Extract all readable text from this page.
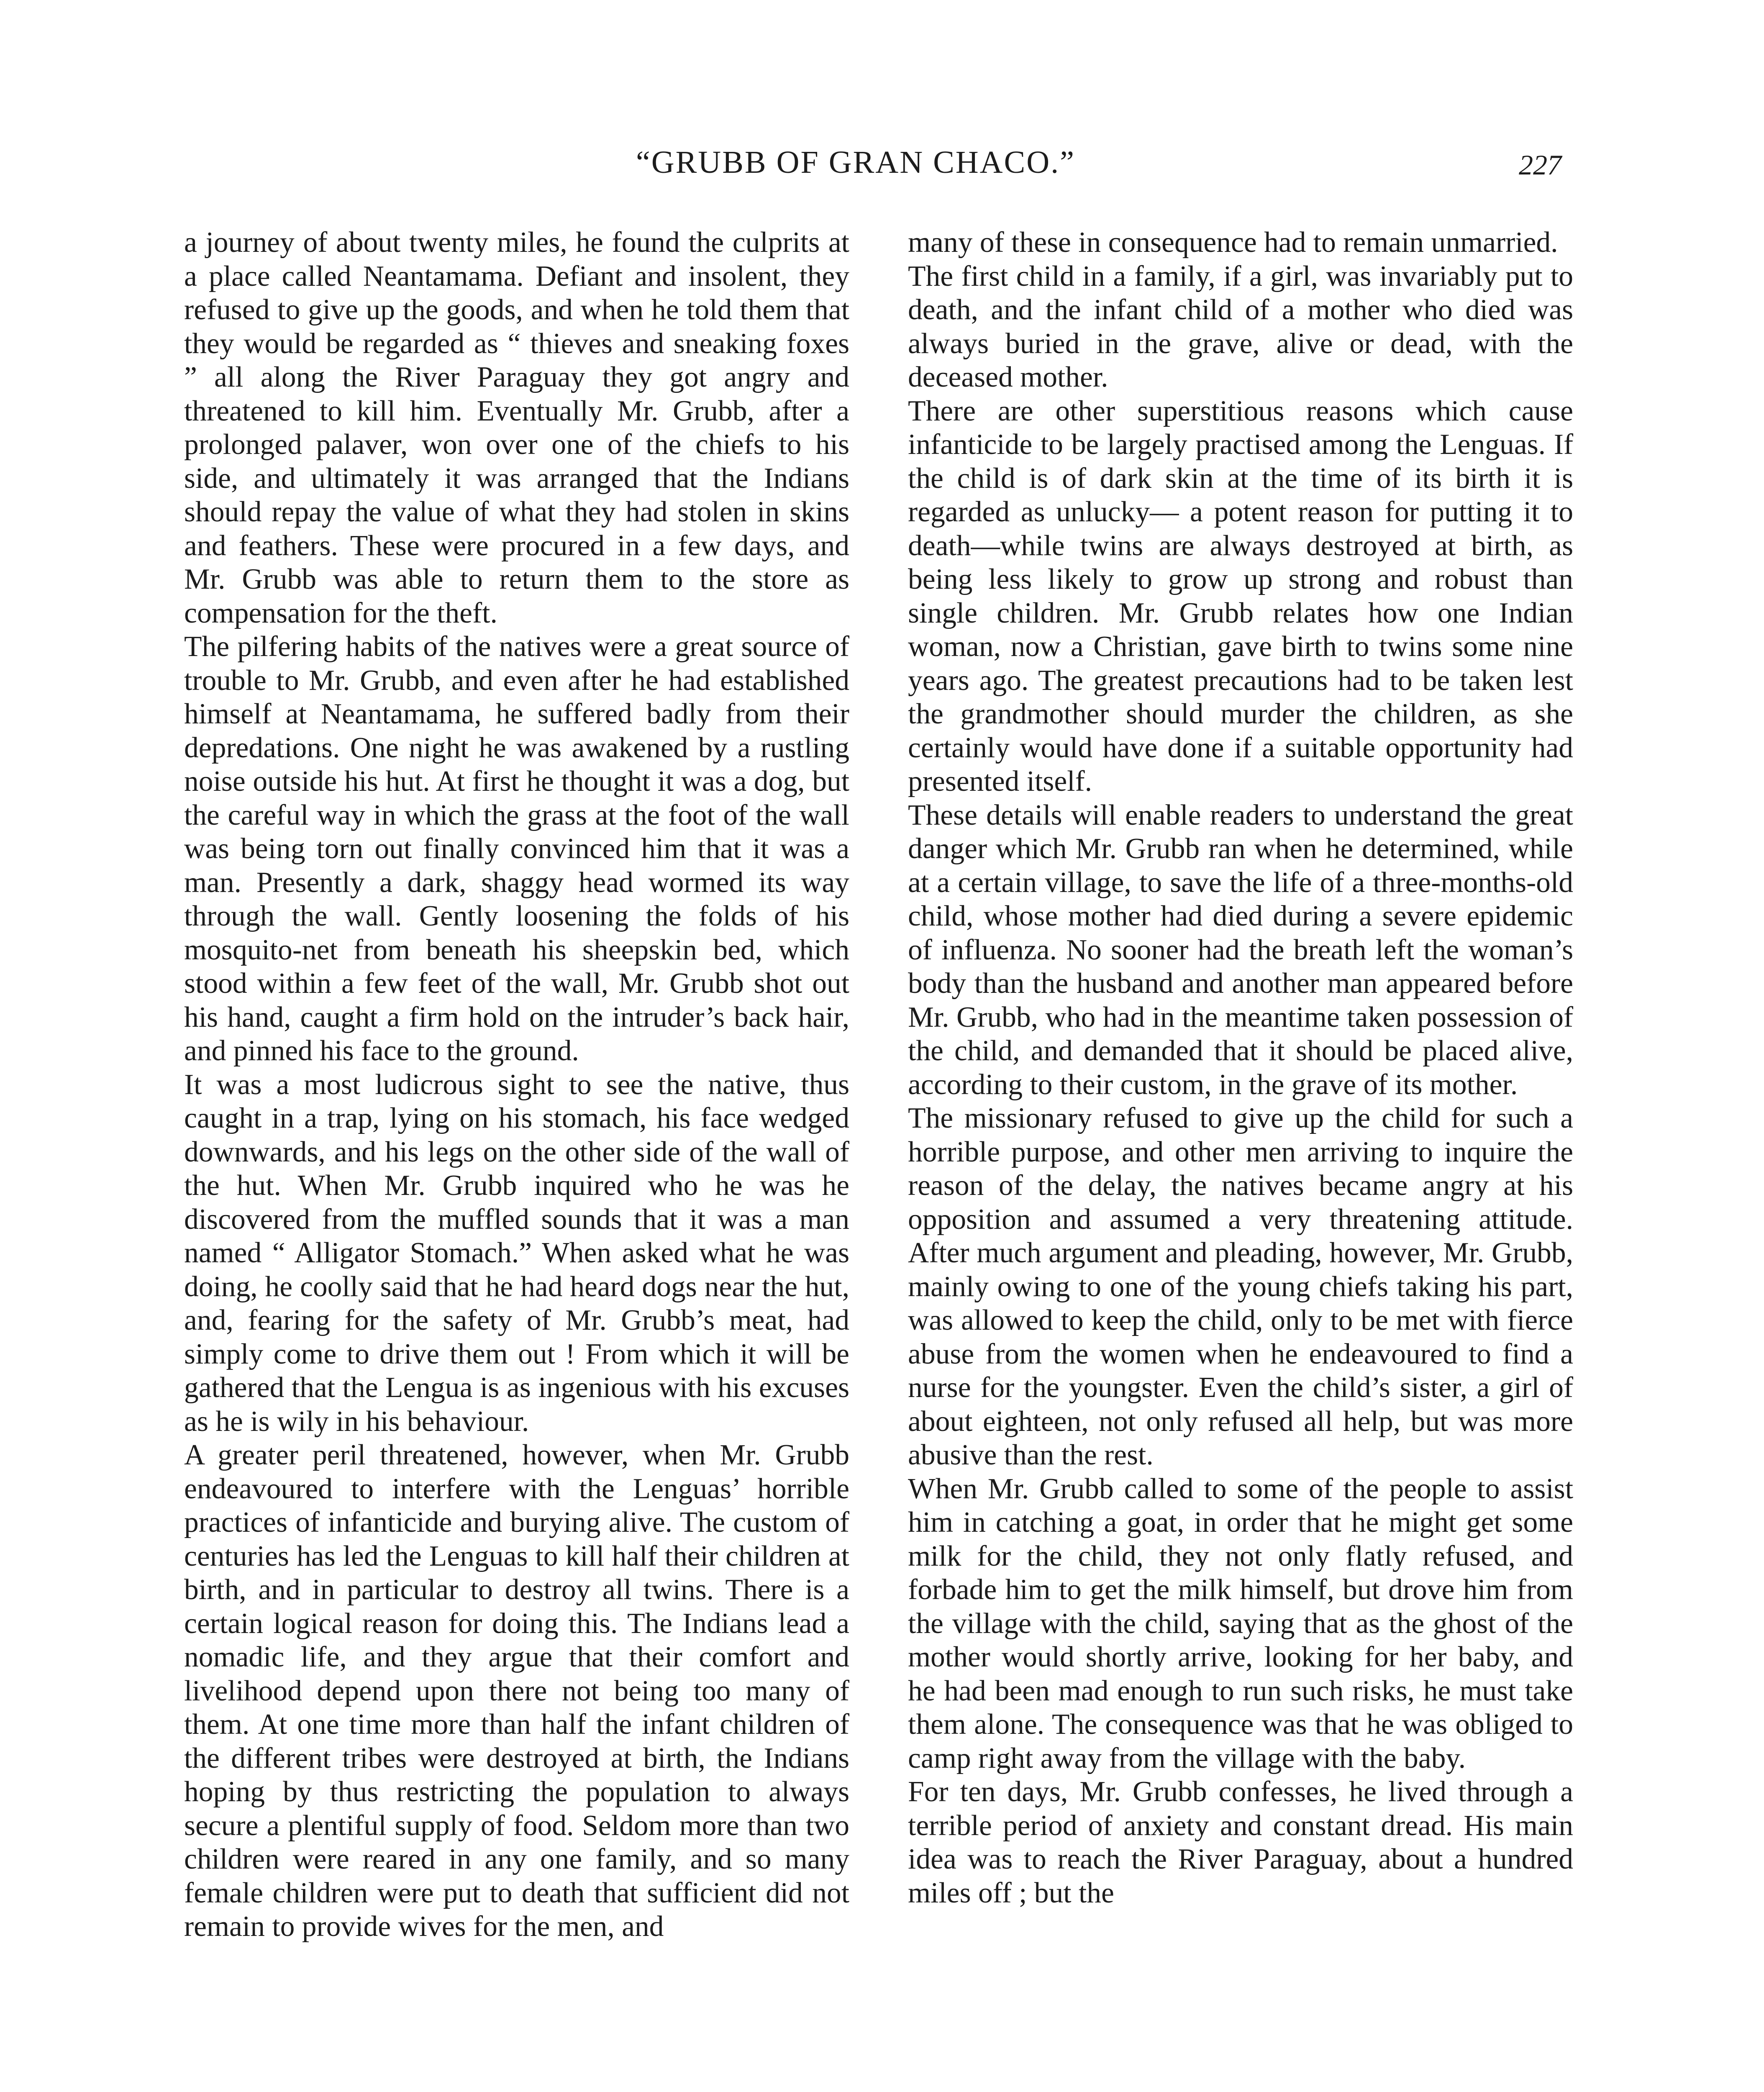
“GRUBB OF GRAN CHACO.”	227

a journey of about twenty miles, he found the culprits at a place called Neantamama. Defiant and insolent, they refused to give up the goods, and when he told them that they would be regarded as “ thieves and sneaking foxes ” all along the River Paraguay they got angry and threatened to kill him. Eventually Mr. Grubb, after a prolonged palaver, won over one of the chiefs to his side, and ultimately it was arranged that the Indians should repay the value of what they had stolen in skins and feathers. These were procured in a few days, and Mr. Grubb was able to return them to the store as compensation for the theft.

The pilfering habits of the natives were a great source of trouble to Mr. Grubb, and even after he had established himself at Neantamama, he suffered badly from their depredations. One night he was awakened by a rustling noise outside his hut. At first he thought it was a dog, but the careful way in which the grass at the foot of the wall was being torn out finally convinced him that it was a man. Presently a dark, shaggy head wormed its way through the wall. Gently loosening the folds of his mosquito-net from beneath his sheepskin bed, which stood within a few feet of the wall, Mr. Grubb shot out his hand, caught a firm hold on the intruder’s back hair, and pinned his face to the ground.

It was a most ludicrous sight to see the native, thus caught in a trap, lying on his stomach, his face wedged downwards, and his legs on the other side of the wall of the hut. When Mr. Grubb inquired who he was he discovered from the muffled sounds that it was a man named “ Alligator Stomach.” When asked what he was doing, he coolly said that he had heard dogs near the hut, and, fearing for the safety of Mr. Grubb’s meat, had simply come to drive them out ! From which it will be gathered that the Lengua is as ingenious with his excuses as he is wily in his behaviour.

A greater peril threatened, however, when Mr. Grubb endeavoured to interfere with the Lenguas’ horrible practices of infanticide and burying alive. The custom of centuries has led the Lenguas to kill half their children at birth, and in particular to destroy all twins. There is a certain logical reason for doing this. The Indians lead a nomadic life, and they argue that their comfort and livelihood depend upon there not being too many of them. At one time more than half the infant children of the different tribes were destroyed at birth, the Indians hoping by thus restricting the population to always secure a plentiful supply of food. Seldom more than two children were reared in any one family, and so many female children were put to death that sufficient did not remain to provide wives for the men, and

many of these in consequence had to remain unmarried.

The first child in a family, if a girl, was invariably put to death, and the infant child of a mother who died was always buried in the grave, alive or dead, with the deceased mother.

There are other superstitious reasons which cause infanticide to be largely practised among the Lenguas. If the child is of dark skin at the time of its birth it is regarded as unlucky— a potent reason for putting it to death—while twins are always destroyed at birth, as being less likely to grow up strong and robust than single children. Mr. Grubb relates how one Indian woman, now a Christian, gave birth to twins some nine years ago. The greatest precautions had to be taken lest the grandmother should murder the children, as she certainly would have done if a suitable opportunity had presented itself.

These details will enable readers to understand the great danger which Mr. Grubb ran when he determined, while at a certain village, to save the life of a three-months-old child, whose mother had died during a severe epidemic of influenza. No sooner had the breath left the woman’s body than the husband and another man appeared before Mr. Grubb, who had in the meantime taken possession of the child, and demanded that it should be placed alive, according to their custom, in the grave of its mother.

The missionary refused to give up the child for such a horrible purpose, and other men arriving to inquire the reason of the delay, the natives became angry at his opposition and assumed a very threatening attitude. After much argument and pleading, however, Mr. Grubb, mainly owing to one of the young chiefs taking his part, was allowed to keep the child, only to be met with fierce abuse from the women when he endeavoured to find a nurse for the youngster. Even the child’s sister, a girl of about eighteen, not only refused all help, but was more abusive than the rest.

When Mr. Grubb called to some of the people to assist him in catching a goat, in order that he might get some milk for the child, they not only flatly refused, and forbade him to get the milk himself, but drove him from the village with the child, saying that as the ghost of the mother would shortly arrive, looking for her baby, and he had been mad enough to run such risks, he must take them alone. The consequence was that he was obliged to camp right away from the village with the baby.

For ten days, Mr. Grubb confesses, he lived through a terrible period of anxiety and constant dread. His main idea was to reach the River Paraguay, about a hundred miles off ; but the
